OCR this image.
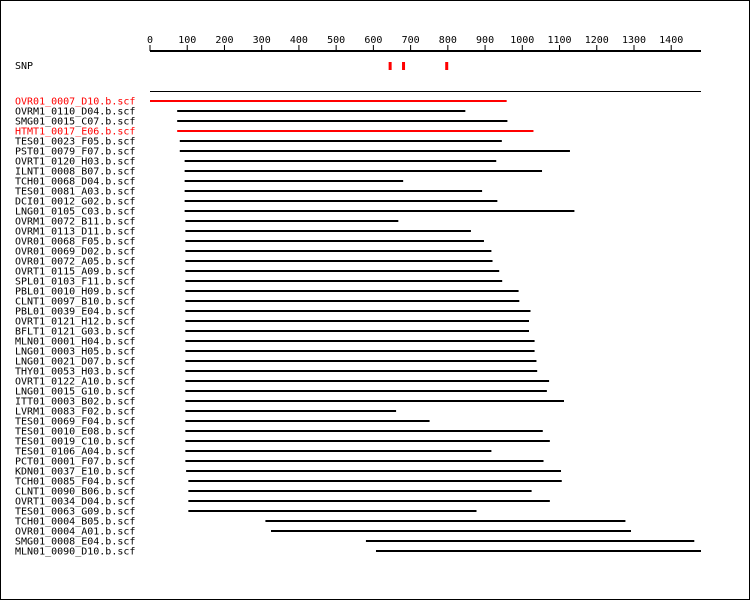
0	100 200 300 400 500 600 700 800 900 1000 1100 1200 1300 1400
SNP
OVR01_0007_D10.b.scf
OVRM1_0110_D04.b.scf
SMG01_0015_C07.b.scf
HTMT1_0017_E06.b.scf
TES01_0023_F05.b.scf
PST01_0079_F07.b.scf
OVRT1_0120_H03.b.scf
ILNT1_0008_B07.b.scf
TCH01_0068_D04.b.scf
TES01_0081_A03.b.scf
DCI01_0012_G02.b.scf
LNG01_0105_C03.b.scf
OVRM1_0072_B11.b.scf
OVRM1_0113_D11.b.scf
OVR01_0068_F05.b.scf
OVR01_0069_D02.b.scf
OVR01_0072_A05.b.scf
OVRT1_0115_A09.b.scf
SPL01_0103_F11.b.scf
PBL01_0010_H09.b.scf
CLNT1_0097_B10.b.scf
PBL01_0039_E04.b.scf
OVRT1_0121_H12.b.scf
BFLT1_0121_G03.b.scf
MLN01_0001_H04.b.scf
LNG01_0003_H05.b.scf
LNG01_0021_D07.b.scf
THY01_0053_H03.b.scf
OVRT1_0122_A10.b.scf
LNG01_0015_G10.b.scf
ITT01_0003_B02.b.scf
LVRM1_0083_F02.b.scf
TES01_0069_F04.b.scf
TES01_0010_E08.b.scf
TES01_0019_C10.b.scf
TES01_0106_A04.b.scf
PCT01_0001_F07.b.scf
KDN01_0037_E10.b.scf
TCH01_0085_F04.b.scf
CLNT1_0090_B06.b.scf
OVRT1_0034_D04.b.scf
TES01_0063_G09.b.scf
TCH01_0004_B05.b.scf
OVR01_0004_A01.b.scf
SMG01_0008_E04.b.scf
MLN01_0090_D10.b.scf
